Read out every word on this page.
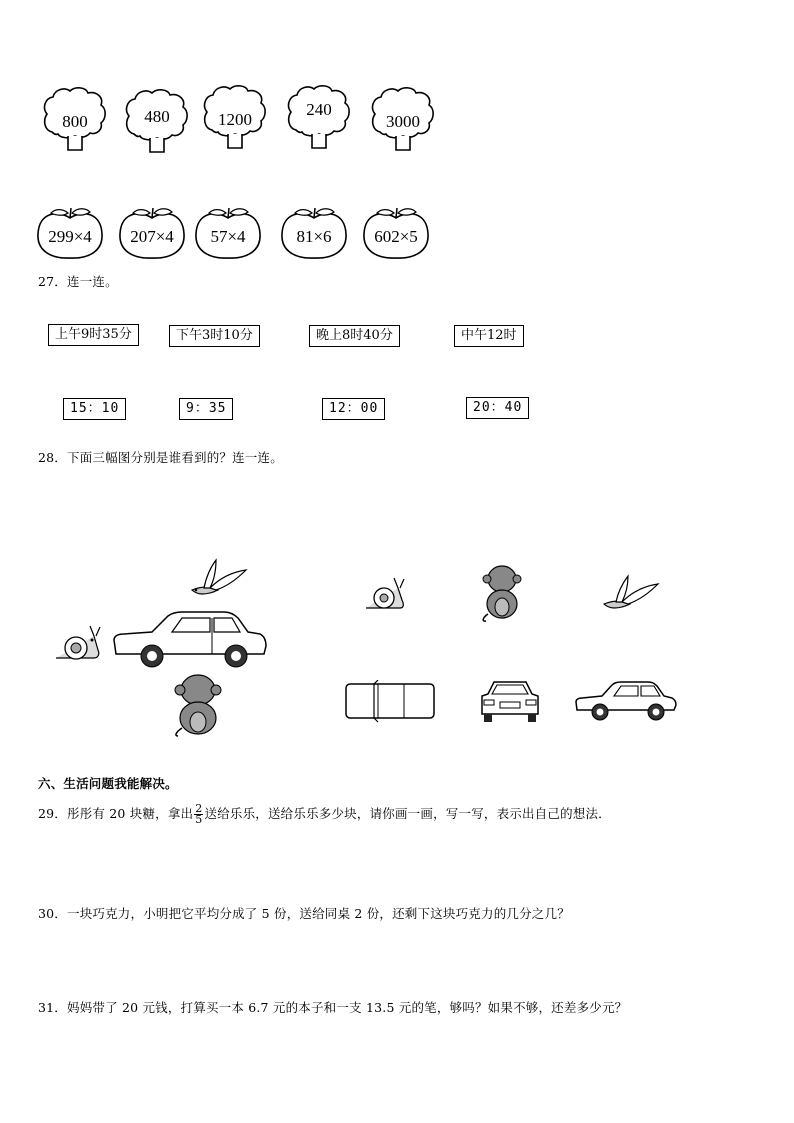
800	480	1200
240
3000
299×4	207×4	57×4	81×6	602×5
27．连一连。
上午9时35分	下午3时10分	晚上8时40分	中午12时
15：10	9：35	12：00	20：40
28．下面三幅图分别是谁看到的？连一连。
六、生活问题我能解决。
29．彤彤有 20 块糖，拿出 $\frac{2}{5}$ 送给乐乐，送给乐乐多少块，请你画一画，写一写，表示出自己的想法．
30．一块巧克力，小明把它平均分成了 5 份，送给同桌 2 份，还剩下这块巧克力的几分之几？
31．妈妈带了 20 元钱，打算买一本 6.7 元的本子和一支 13.5 元的笔，够吗？如果不够，还差多少元？
